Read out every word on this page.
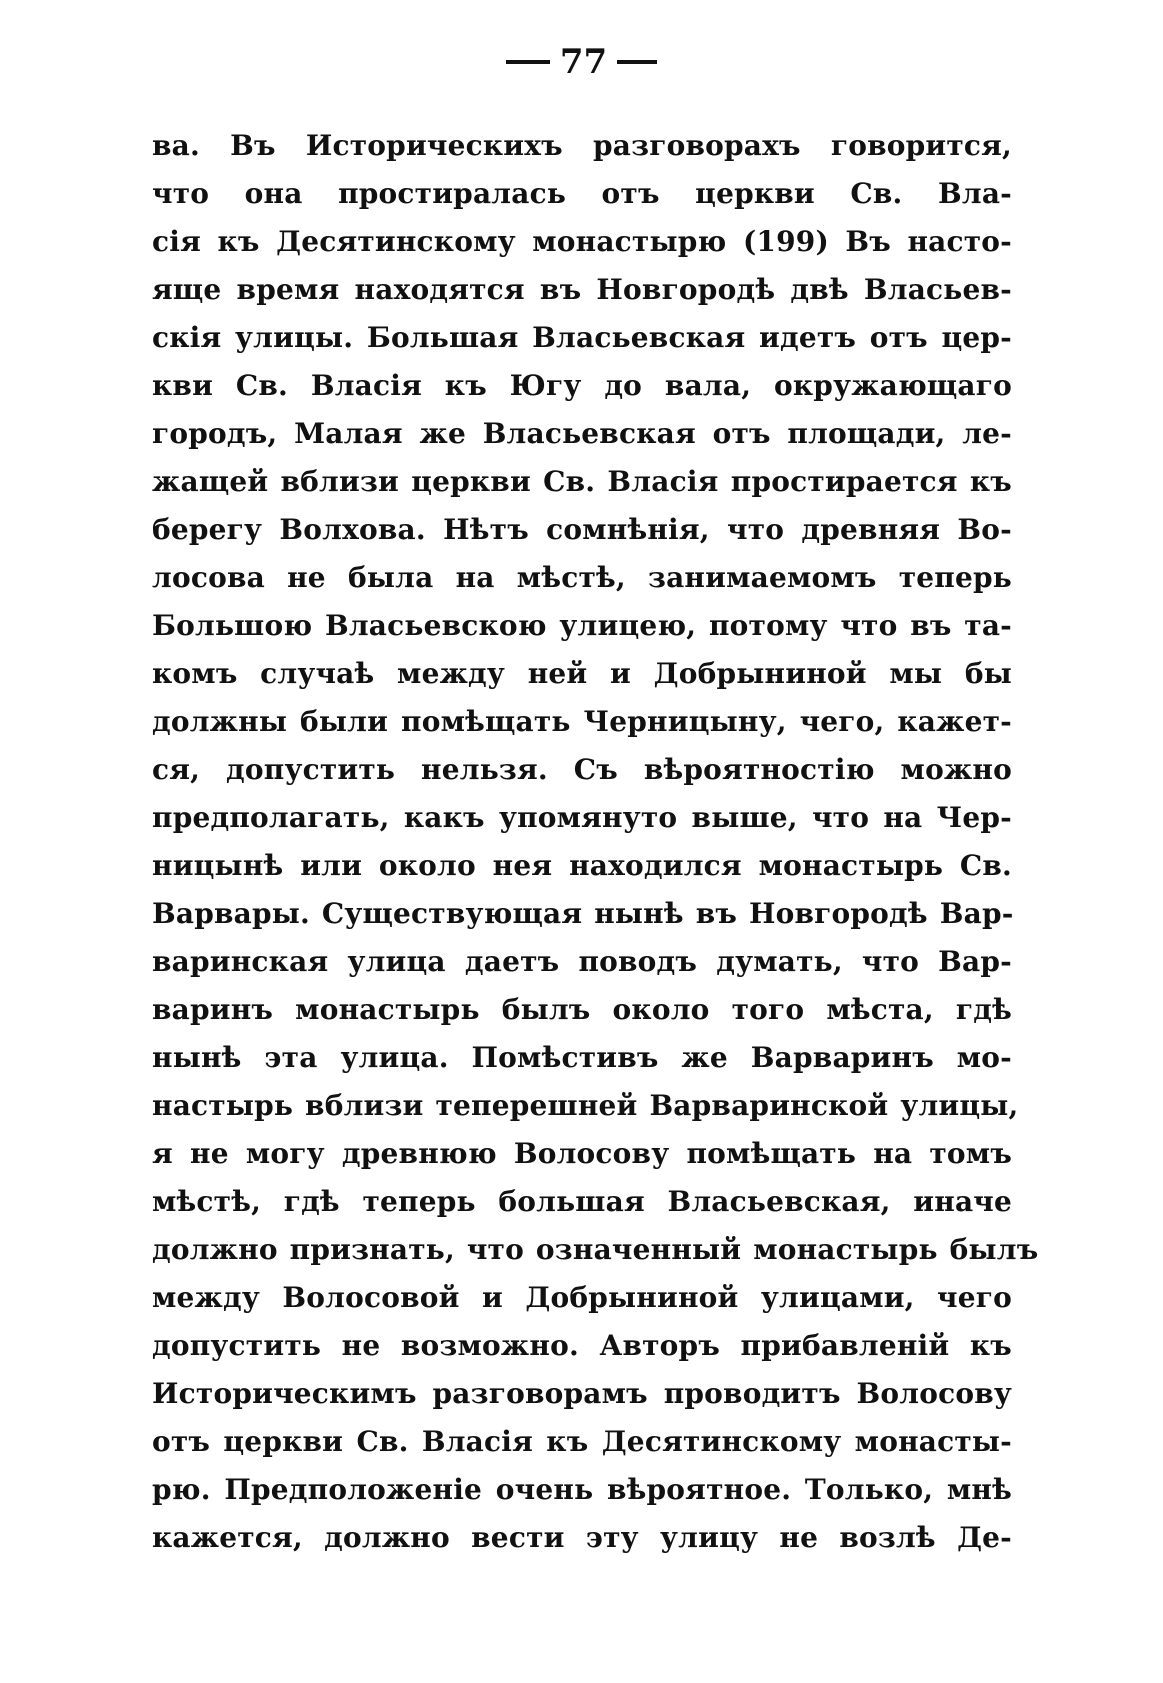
77
ва. Въ Историческихъ разговорахъ говорится,
что она простиралась отъ церкви Св. Вла-
сія къ Десятинскому монастырю (199) Въ насто-
яще время находятся въ Новгородѣ двѣ Власьев-
скія улицы. Большая Власьевская идетъ отъ цер-
кви Св. Власія къ Югу до вала, окружающаго
городъ, Малая же Власьевская отъ площади, ле-
жащей вблизи церкви Св. Власія простирается къ
берегу Волхова. Нѣтъ сомнѣнія, что древняя Во-
лосова не была на мѣстѣ, занимаемомъ теперь
Большою Власьевскою улицею, потому что въ та-
комъ случаѣ между ней и Добрыниной мы бы
должны были помѣщать Черницыну, чего, кажет-
ся, допустить нельзя. Съ вѣроятностію можно
предполагать, какъ упомянуто выше, что на Чер-
ницынѣ или около нея находился монастырь Св.
Варвары. Существующая нынѣ въ Новгородѣ Вар-
варинская улица даетъ поводъ думать, что Вар-
варинъ монастырь былъ около того мѣста, гдѣ
нынѣ эта улица. Помѣстивъ же Варваринъ мо-
настырь вблизи теперешней Варваринской улицы,
я не могу древнюю Волосову помѣщать на томъ
мѣстѣ, гдѣ теперь большая Власьевская, иначе
должно признать, что означенный монастырь былъ
между Волосовой и Добрыниной улицами, чего
допустить не возможно. Авторъ прибавленій къ
Историческимъ разговорамъ проводитъ Волосову
отъ церкви Св. Власія къ Десятинскому монасты-
рю. Предположеніе очень вѣроятное. Только, мнѣ
кажется, должно вести эту улицу не возлѣ Де-
